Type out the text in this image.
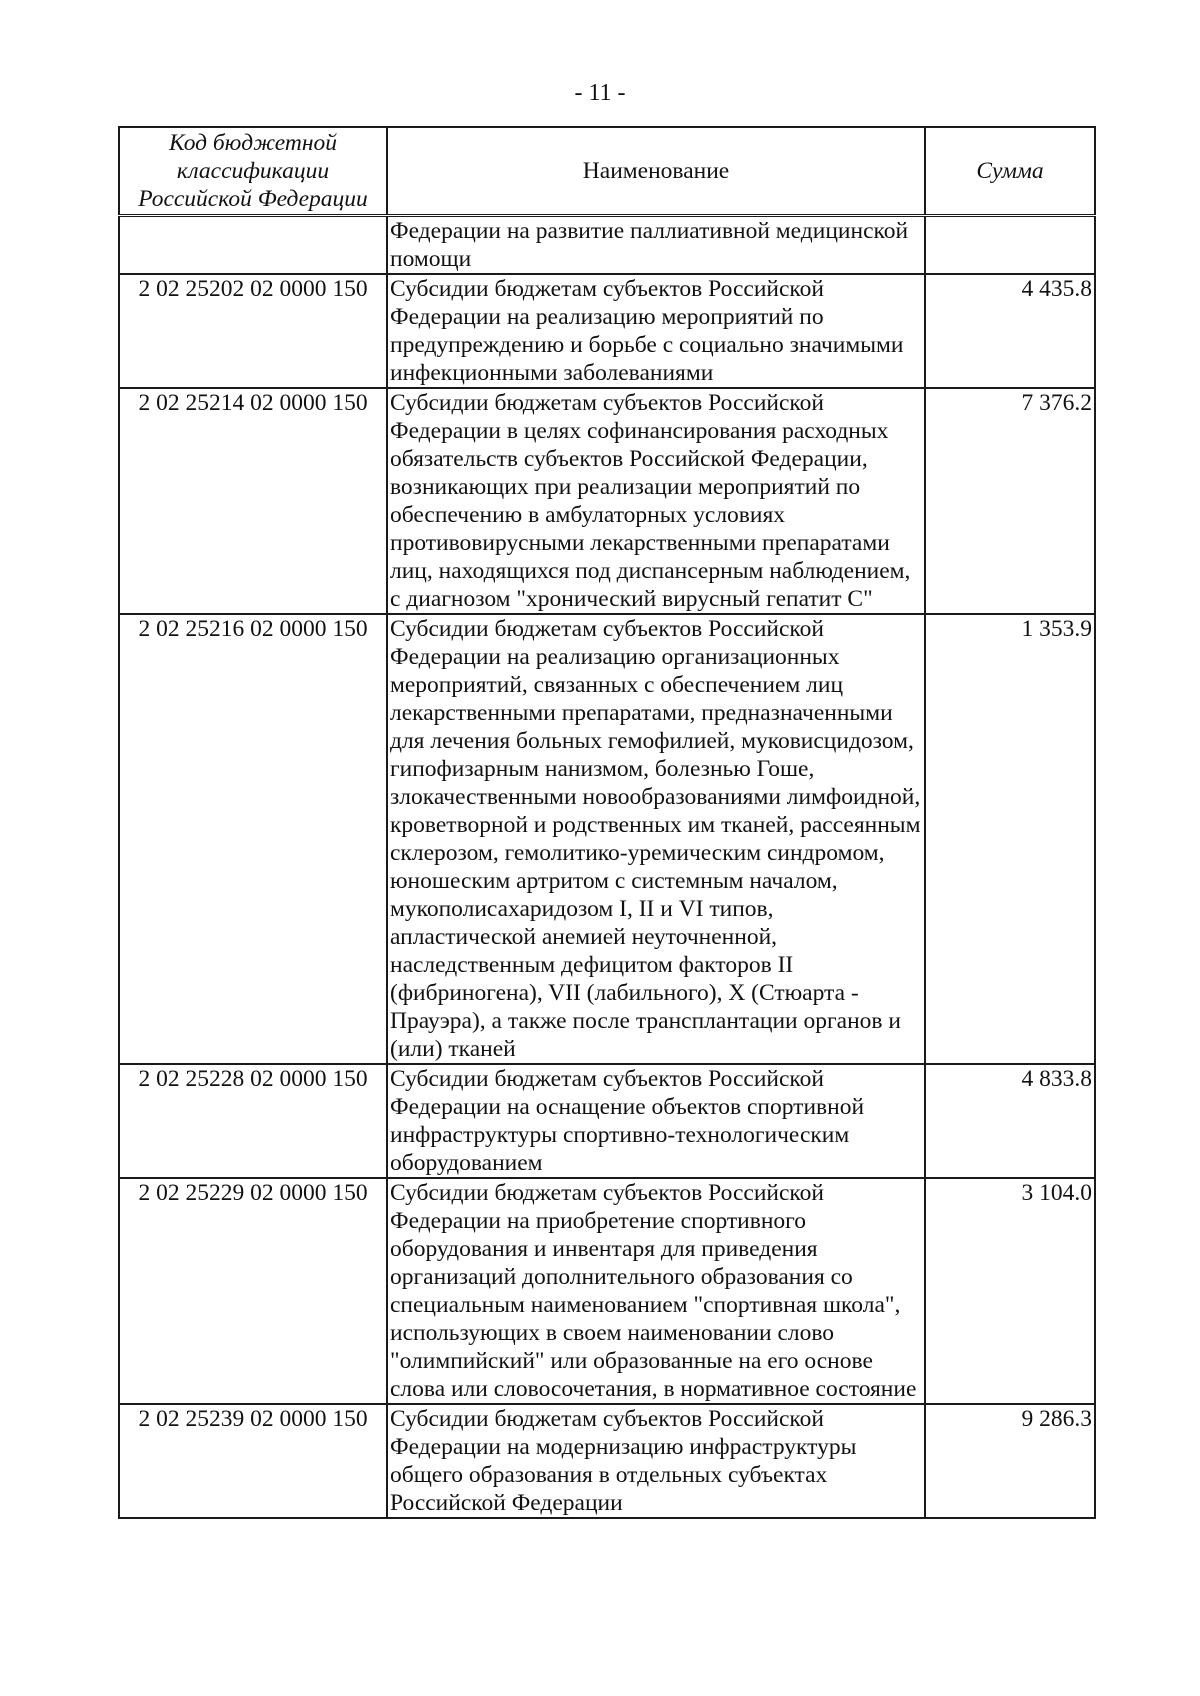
- 11 -
Код бюджетной классификации Российской Федерации	Наименование	Сумма
	Федерации на развитие паллиативной медицинской помощи	
2 02 25202 02 0000 150	Субсидии бюджетам субъектов Российской Федерации на реализацию мероприятий по предупреждению и борьбе с социально значимыми инфекционными заболеваниями	4 435.8
2 02 25214 02 0000 150	Субсидии бюджетам субъектов Российской Федерации в целях софинансирования расходных обязательств субъектов Российской Федерации, возникающих при реализации мероприятий по обеспечению в амбулаторных условиях противовирусными лекарственными препаратами лиц, находящихся под диспансерным наблюдением, с диагнозом "хронический вирусный гепатит С"	7 376.2
2 02 25216 02 0000 150	Субсидии бюджетам субъектов Российской Федерации на реализацию организационных мероприятий, связанных с обеспечением лиц лекарственными препаратами, предназначенными для лечения больных гемофилией, муковисцидозом, гипофизарным нанизмом, болезнью Гоше, злокачественными новообразованиями лимфоидной, кроветворной и родственных им тканей, рассеянным склерозом, гемолитико-уремическим синдромом, юношеским артритом с системным началом, мукополисахаридозом I, II и VI типов, апластической анемией неуточненной, наследственным дефицитом факторов II (фибриногена), VII (лабильного), X (Стюарта - Прауэра), а также после трансплантации органов и (или) тканей	1 353.9
2 02 25228 02 0000 150	Субсидии бюджетам субъектов Российской Федерации на оснащение объектов спортивной инфраструктуры спортивно-технологическим оборудованием	4 833.8
2 02 25229 02 0000 150	Субсидии бюджетам субъектов Российской Федерации на приобретение спортивного оборудования и инвентаря для приведения организаций дополнительного образования со специальным наименованием "спортивная школа", использующих в своем наименовании слово "олимпийский" или образованные на его основе слова или словосочетания, в нормативное состояние	3 104.0
2 02 25239 02 0000 150	Субсидии бюджетам субъектов Российской Федерации на модернизацию инфраструктуры общего образования в отдельных субъектах Российской Федерации	9 286.3
